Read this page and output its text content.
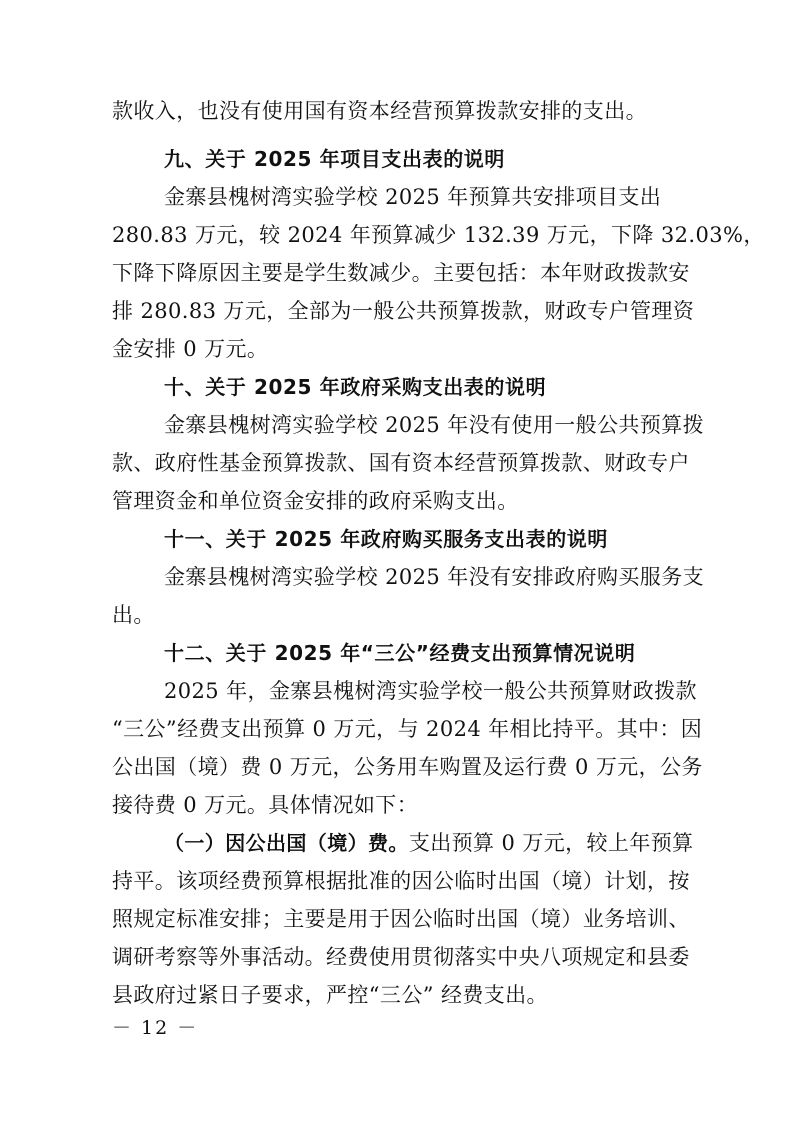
款收入，也没有使用国有资本经营预算拨款安排的支出。
九、关于 2025 年项目支出表的说明
金寨县槐树湾实验学校 2025 年预算共安排项目支出
280.83 万元，较 2024 年预算减少 132.39 万元，下降 32.03%，
下降下降原因主要是学生数减少。主要包括：本年财政拨款安
排 280.83 万元，全部为一般公共预算拨款，财政专户管理资
金安排 0 万元。
十、关于 2025 年政府采购支出表的说明
金寨县槐树湾实验学校 2025 年没有使用一般公共预算拨
款、政府性基金预算拨款、国有资本经营预算拨款、财政专户
管理资金和单位资金安排的政府采购支出。
十一、关于 2025 年政府购买服务支出表的说明
金寨县槐树湾实验学校 2025 年没有安排政府购买服务支
出。
十二、关于 2025 年“三公”经费支出预算情况说明
2025 年，金寨县槐树湾实验学校一般公共预算财政拨款
“三公”经费支出预算 0 万元，与 2024 年相比持平。其中：因
公出国（境）费 0 万元，公务用车购置及运行费 0 万元，公务
接待费 0 万元。具体情况如下：
（一）因公出国（境）费。支出预算 0 万元，较上年预算
持平。该项经费预算根据批准的因公临时出国（境）计划，按
照规定标准安排；主要是用于因公临时出国（境）业务培训、
调研考察等外事活动。经费使用贯彻落实中央八项规定和县委
县政府过紧日子要求，严控“三公” 经费支出。
－ 12 －
